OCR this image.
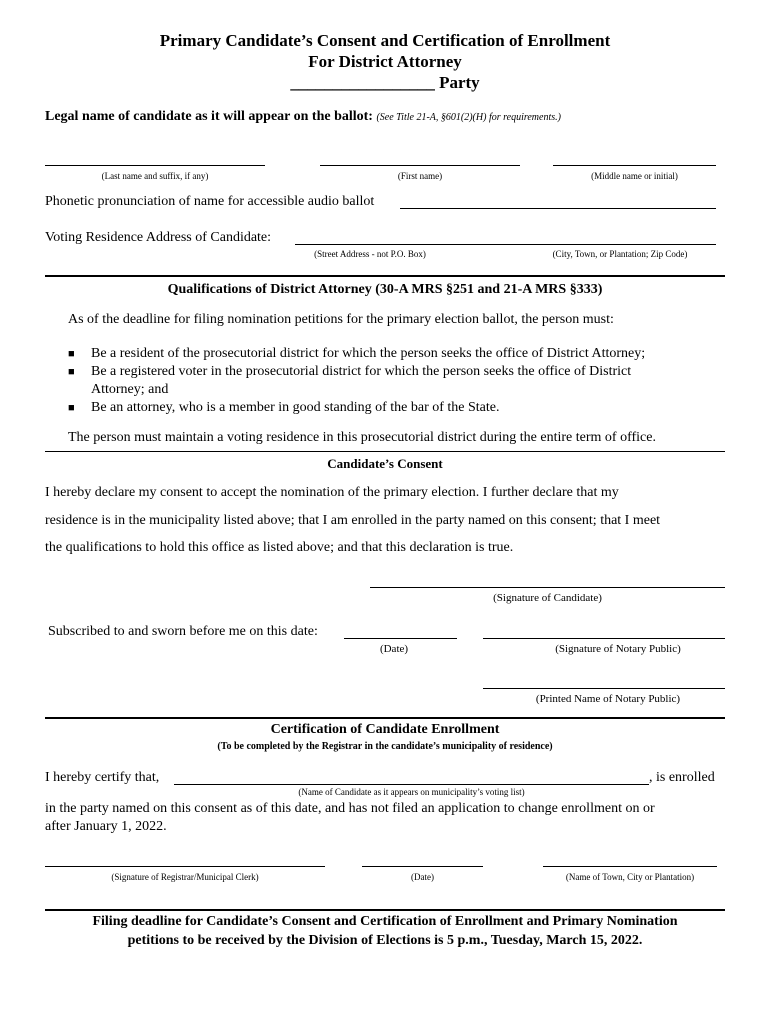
Primary Candidate’s Consent and Certification of Enrollment
For District Attorney
_________________ Party
Legal name of candidate as it will appear on the ballot: (See Title 21-A, §601(2)(H) for requirements.)
(Last name and suffix, if any)	(First name)	(Middle name or initial)
Phonetic pronunciation of name for accessible audio ballot
Voting Residence Address of Candidate:
(Street Address - not P.O. Box)	(City, Town, or Plantation; Zip Code)
Qualifications of District Attorney (30-A MRS §251 and 21-A MRS §333)
As of the deadline for filing nomination petitions for the primary election ballot, the person must:
■ Be a resident of the prosecutorial district for which the person seeks the office of District Attorney;
■ Be a registered voter in the prosecutorial district for which the person seeks the office of District
Attorney; and
■ Be an attorney, who is a member in good standing of the bar of the State.
The person must maintain a voting residence in this prosecutorial district during the entire term of office.
Candidate’s Consent
I hereby declare my consent to accept the nomination of the primary election. I further declare that my
residence is in the municipality listed above; that I am enrolled in the party named on this consent; that I meet
the qualifications to hold this office as listed above; and that this declaration is true.
(Signature of Candidate)
Subscribed to and sworn before me on this date:
(Date)	(Signature of Notary Public)
(Printed Name of Notary Public)
Certification of Candidate Enrollment
(To be completed by the Registrar in the candidate’s municipality of residence)
I hereby certify that,	, is enrolled
(Name of Candidate as it appears on municipality’s voting list)
in the party named on this consent as of this date, and has not filed an application to change enrollment on or
after January 1, 2022.
(Signature of Registrar/Municipal Clerk)	(Date)	(Name of Town, City or Plantation)
Filing deadline for Candidate’s Consent and Certification of Enrollment and Primary Nomination
petitions to be received by the Division of Elections is 5 p.m., Tuesday, March 15, 2022.
